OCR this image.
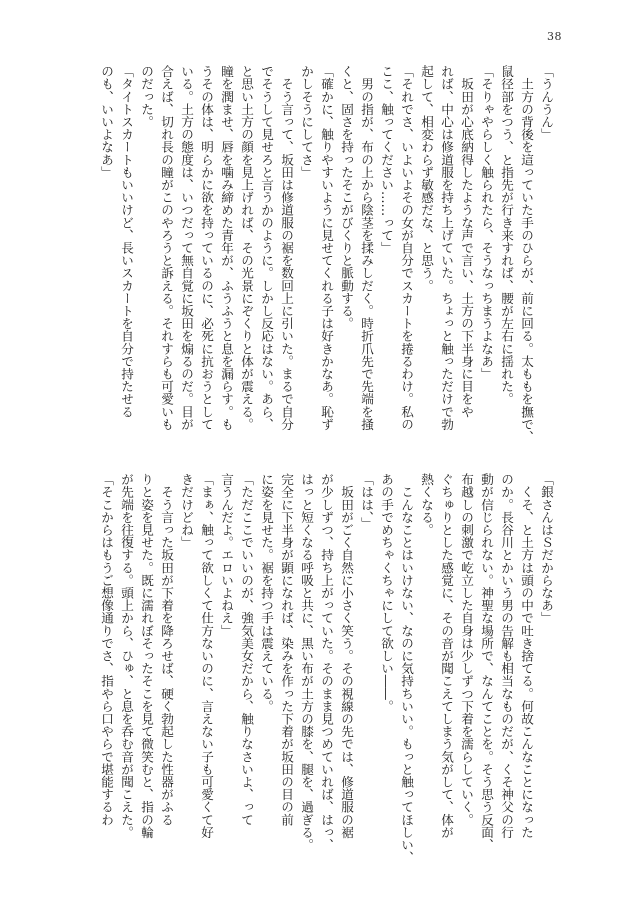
38
「うんうん」
　土方の背後を這っていた手のひらが、前に回る。太ももを撫で、
鼠径部をつう、と指先が行き来すれば、腰が左右に揺れた。
「そりゃやらしく触られたら、そうなっちまうよなあ」
　坂田が心底納得したような声で言い、土方の下半身に目をや
れば、中心は修道服を持ち上げていた。ちょっと触っただけで勃
起して、相変わらず敏感だな、と思う。
「それでさ、いよいよその女が自分でスカートを捲るわけ。私の
ここ、触ってください……って」
　男の指が、布の上から陰茎を揉みしだく。時折爪先で先端を掻
くと、固さを持ったそこがびくりと脈動する。
「確かに、触りやすいように見せてくれる子は好きかなあ。恥ず
かしそうにしてさ」
　そう言って、坂田は修道服の裾を数回上に引いた。まるで自分
でそうして見せろと言うかのように。しかし反応はない。あら、
と思い土方の顔を見上げれば、その光景にぞくりと体が震える。
瞳を潤ませ、唇を噛み締めた青年が、ふうふうと息を漏らす。も
うその体は、明らかに欲を持っているのに、必死に抗おうとして
いる。土方の態度は、いつだって無自覚に坂田を煽るのだ。目が
合えば、切れ長の瞳がこのやろうと訴える。それすらも可愛いも
のだった。
「タイトスカートもいいけど、長いスカートを自分で持たせる
のも、いいよなあ」
「銀さんはＳだからなあ」
　くそ、と土方は頭の中で吐き捨てる。何故こんなことになった
のか。長谷川とかいう男の告解も相当なものだが、くそ神父の行
動が信じられない。神聖な場所で、なんてことを。そう思う反面、
布越しの刺激で屹立した自身は少しずつ下着を濡らしていく。
ぐちゅりとした感覚に、その音が聞こえてしまう気がして、体が
熱くなる。
　こんなことはいけない、なのに気持ちいい。もっと触ってほしい、
あの手でめちゃくちゃにして欲しい――。
「はは、」
　坂田がごく自然に小さく笑う。その視線の先では、修道服の裾
が少しずつ、持ち上がっていた。そのまま見つめていれば、はっ、
はっと短くなる呼吸と共に、黒い布が土方の膝を、腿を、過ぎる。
完全に下半身が顕になれば、染みを作った下着が坂田の目の前
に姿を見せた。裾を持つ手は震えている。
「ただここでいいのが、強気美女だから、触りなさいよ、って
言うんだよ。エロいよねえ」
「まぁ、触って欲しくて仕方ないのに、言えない子も可愛くて好
きだけどね」
　そう言った坂田が下着を降ろせば、硬く勃起した性器がふる
りと姿を見せた。既に濡れぼそったそこを見て微笑むと、指の輪
が先端を往復する。頭上から、ひゅ、と息を呑む音が聞こえた。
「そこからはもうご想像通りでさ、指やら口やらで堪能するわ
